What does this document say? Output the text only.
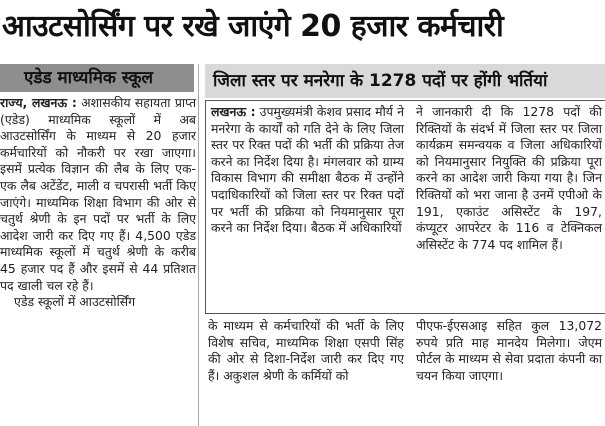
आउटसोर्सिंग पर रखे जाएंगे 20 हजार कर्मचारी
एडेड माध्यमिक स्कूल
राज्य, लखनऊ : अशासकीय सहायता प्राप्त (एडेड) माध्यमिक स्कूलों में अब आउटसोर्सिंग के माध्यम से 20 हजार कर्मचारियों को नौकरी पर रखा जाएगा। इसमें प्रत्येक विज्ञान की लैब के लिए एक-एक लैब अटेंडेंट, माली व चपरासी भर्ती किए जाएंगे। माध्यमिक शिक्षा विभाग की ओर से चतुर्थ श्रेणी के इन पदों पर भर्ती के लिए आदेश जारी कर दिए गए हैं। 4,500 एडेड माध्यमिक स्कूलों में चतुर्थ श्रेणी के करीब 45 हजार पद हैं और इसमें से 44 प्रतिशत पद खाली चल रहे हैं।
एडेड स्कूलों में आउटसोर्सिंग
जिला स्तर पर मनरेगा के 1278 पदों पर होंगी भर्तियां
लखनऊ : उपमुख्यमंत्री केशव प्रसाद मौर्य ने मनरेगा के कार्यों को गति देने के लिए जिला स्तर पर रिक्त पदों की भर्ती की प्रक्रिया तेज करने का निर्देश दिया है। मंगलवार को ग्राम्य विकास विभाग की समीक्षा बैठक में उन्होंने पदाधिकारियों को जिला स्तर पर रिक्त पदों पर भर्ती की प्रक्रिया को नियमानुसार पूरा करने का निर्देश दिया। बैठक में अधिकारियों
ने जानकारी दी कि 1278 पदों की रिक्तियों के संदर्भ में जिला स्तर पर जिला कार्यक्रम समन्वयक व जिला अधिकारियों को नियमानुसार नियुक्ति की प्रक्रिया पूरा करने का आदेश जारी किया गया है। जिन रिक्तियों को भरा जाना है उनमें एपीओ के 191, एकाउंट असिस्टेंट के 197, कंप्यूटर आपरेटर के 116 व टेक्निकल असिस्टेंट के 774 पद शामिल हैं।
के माध्यम से कर्मचारियों की भर्ती के लिए विशेष सचिव, माध्यमिक शिक्षा एसपी सिंह की ओर से दिशा-निर्देश जारी कर दिए गए हैं। अकुशल श्रेणी के कर्मियों को
पीएफ-ईएसआइ सहित कुल 13,072 रुपये प्रति माह मानदेय मिलेगा। जेएम पोर्टल के माध्यम से सेवा प्रदाता कंपनी का चयन किया जाएगा।
